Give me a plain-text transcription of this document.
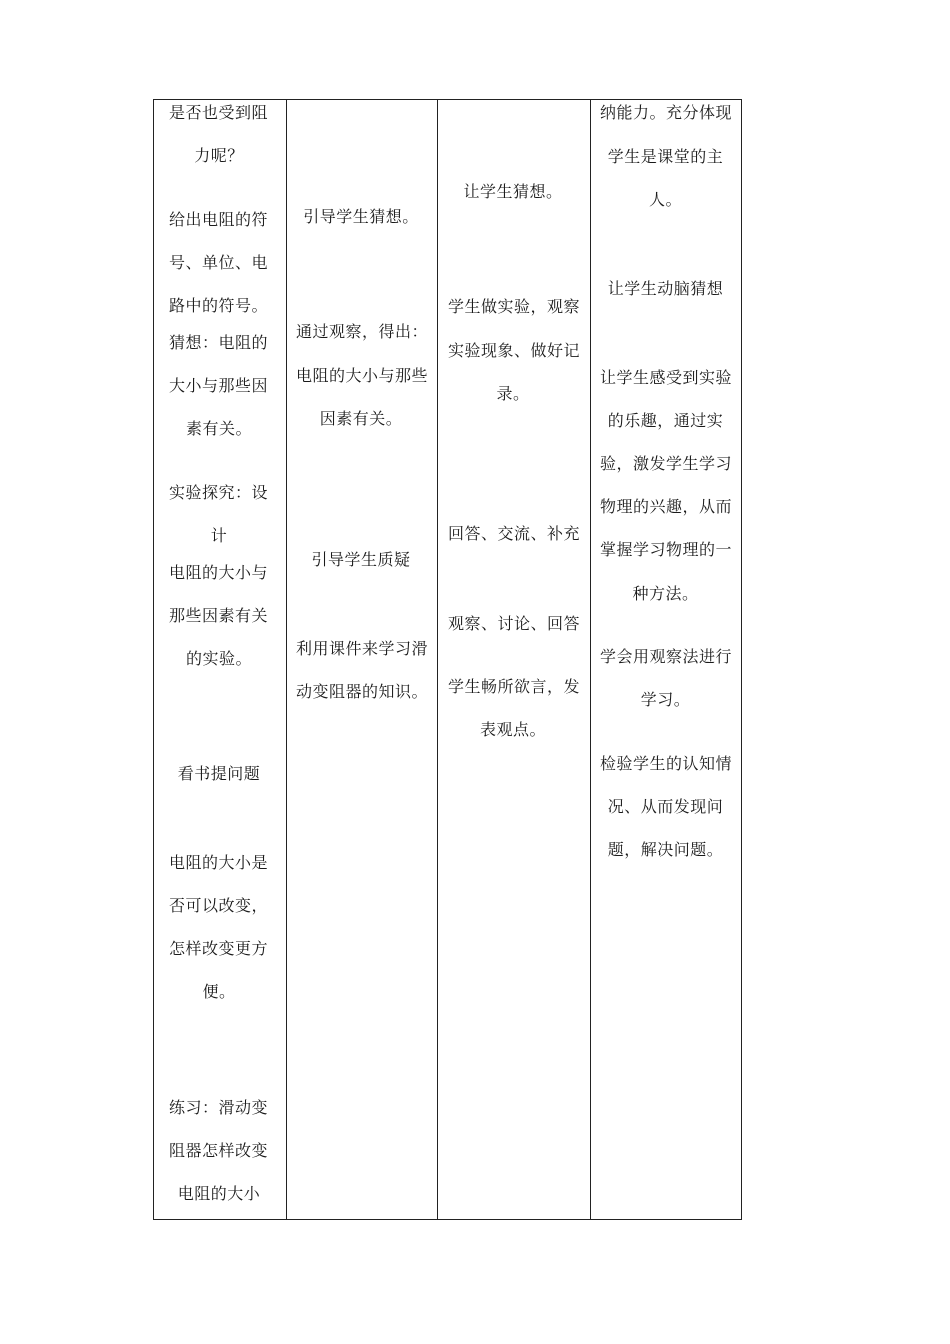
是否也受到阻
力呢？
给出电阻的符
号、单位、电
路中的符号。
猜想：电阻的
大小与那些因
素有关。
实验探究：设
计
电阻的大小与
那些因素有关
的实验。
看书提问题
电阻的大小是
否可以改变，
怎样改变更方
便。
练习：滑动变
阻器怎样改变
电阻的大小
引导学生猜想。
通过观察，得出：
电阻的大小与那些
因素有关。
引导学生质疑
利用课件来学习滑
动变阻器的知识。
让学生猜想。
学生做实验，观察
实验现象、做好记
录。
回答、交流、补充
观察、讨论、回答
学生畅所欲言，发
表观点。
纳能力。充分体现
学生是课堂的主
人。
让学生动脑猜想
让学生感受到实验
的乐趣，通过实
验，激发学生学习
物理的兴趣，从而
掌握学习物理的一
种方法。
学会用观察法进行
学习。
检验学生的认知情
况、从而发现问
题，解决问题。
